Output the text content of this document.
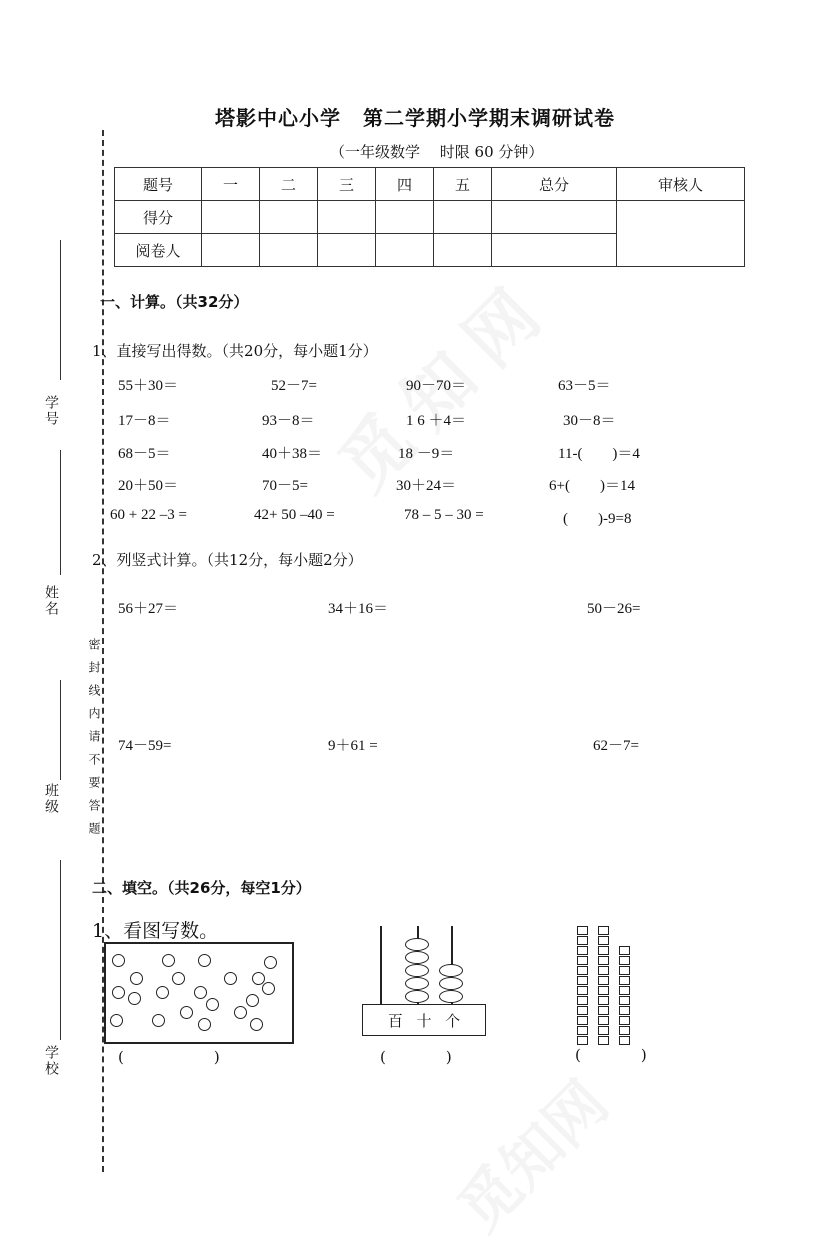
塔影中心小学 第二学期小学期末调研试卷
（一年级数学　 时限 60 分钟）
题号	一	二	三	四	五	总分	审核人
得分							
阅卷人							
密封线内请不要答题
学号
姓名
班级
学校
一、计算。（共32分）
1、直接写出得数。（共20分，每小题1分）
55＋30＝	52－7=	90－70＝	63－5＝
17－8＝	93－8＝	1 6 ＋4＝	30－8＝
68－5＝	40＋38＝	18 －9＝	11-(　　)＝4
20＋50＝	70－5=	30＋24＝	6+(　　)＝14
60 + 22 –3 =	42+ 50 –40 =	78 – 5 – 30 =	(　　)-9=8
2、列竖式计算。（共12分，每小题2分）
56＋27＝	34＋16＝	50－26=
74－59=	9＋61 =	62－7=
二、填空。（共26分，每空1分）
1、看图写数。
(　　　　　　)
百 十 个
(　　　　)	(　　　　)
